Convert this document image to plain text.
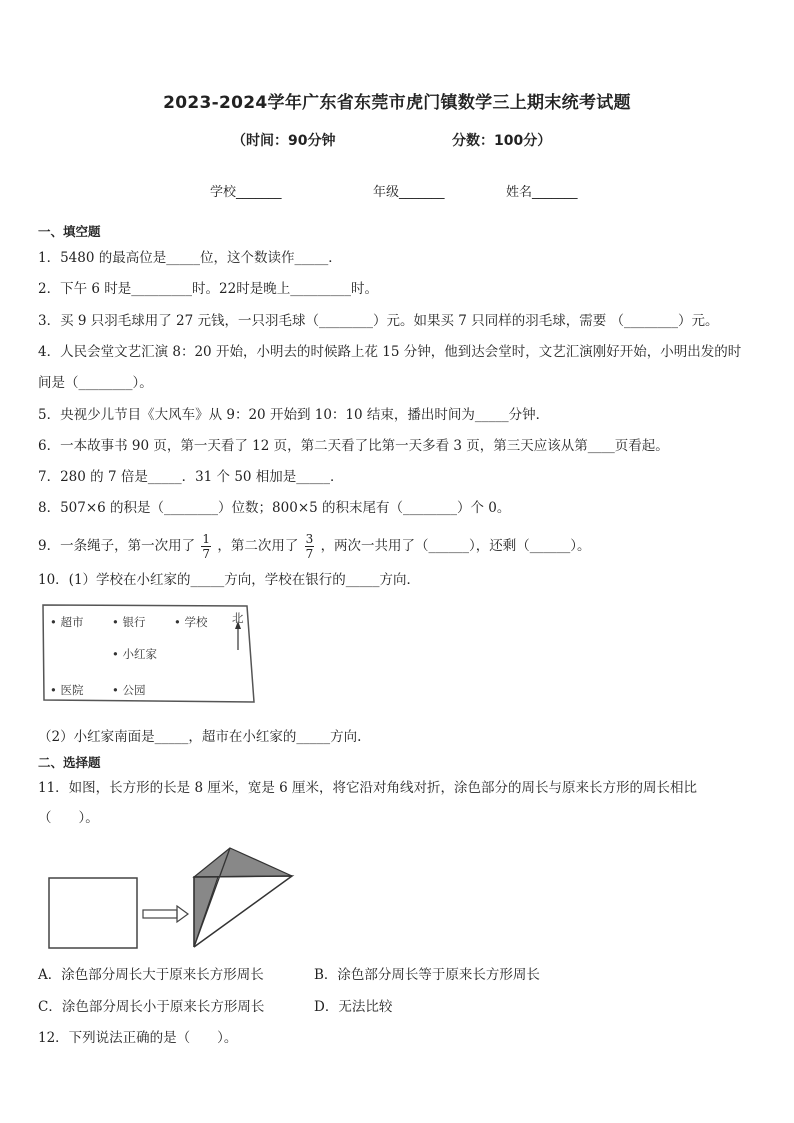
2023-2024学年广东省东莞市虎门镇数学三上期末统考试题
（时间：90分钟	分数：100分）
学校_______	年级_______	姓名_______
一、填空题
1．5480 的最高位是_____位，这个数读作_____．
2．下午 6 时是_________时。22时是晚上_________时。
3．买 9 只羽毛球用了 27 元钱，一只羽毛球（________）元。如果买 7 只同样的羽毛球，需要 （________）元。
4．人民会堂文艺汇演 8：20 开始，小明去的时候路上花 15 分钟，他到达会堂时，文艺汇演刚好开始，小明出发的时
间是（________）。
5．央视少儿节目《大风车》从 9：20 开始到 10：10 结束，播出时间为_____分钟．
6．一本故事书 90 页，第一天看了 12 页，第二天看了比第一天多看 3 页，第三天应该从第____页看起。
7．280 的 7 倍是_____．31 个 50 相加是_____．
8．507×6 的积是（________）位数；800×5 的积末尾有（________）个 0。
9．一条绳子，第一次用了 $\frac{1}{7}$ ，第二次用了 $\frac{3}{7}$ ，两次一共用了（______），还剩（______）。
10．(1）学校在小红家的_____方向，学校在银行的_____方向．
（2）小红家南面是_____，超市在小红家的_____方向.
二、选择题
11．如图，长方形的长是 8 厘米，宽是 6 厘米，将它沿对角线对折，涂色部分的周长与原来长方形的周长相比
（　　）。
A．涂色部分周长大于原来长方形周长	B．涂色部分周长等于原来长方形周长
C．涂色部分周长小于原来长方形周长	D．无法比较
12．下列说法正确的是（　　）。
• 超市 • 银行 • 学校 北
• 小红家
• 医院 • 公园
